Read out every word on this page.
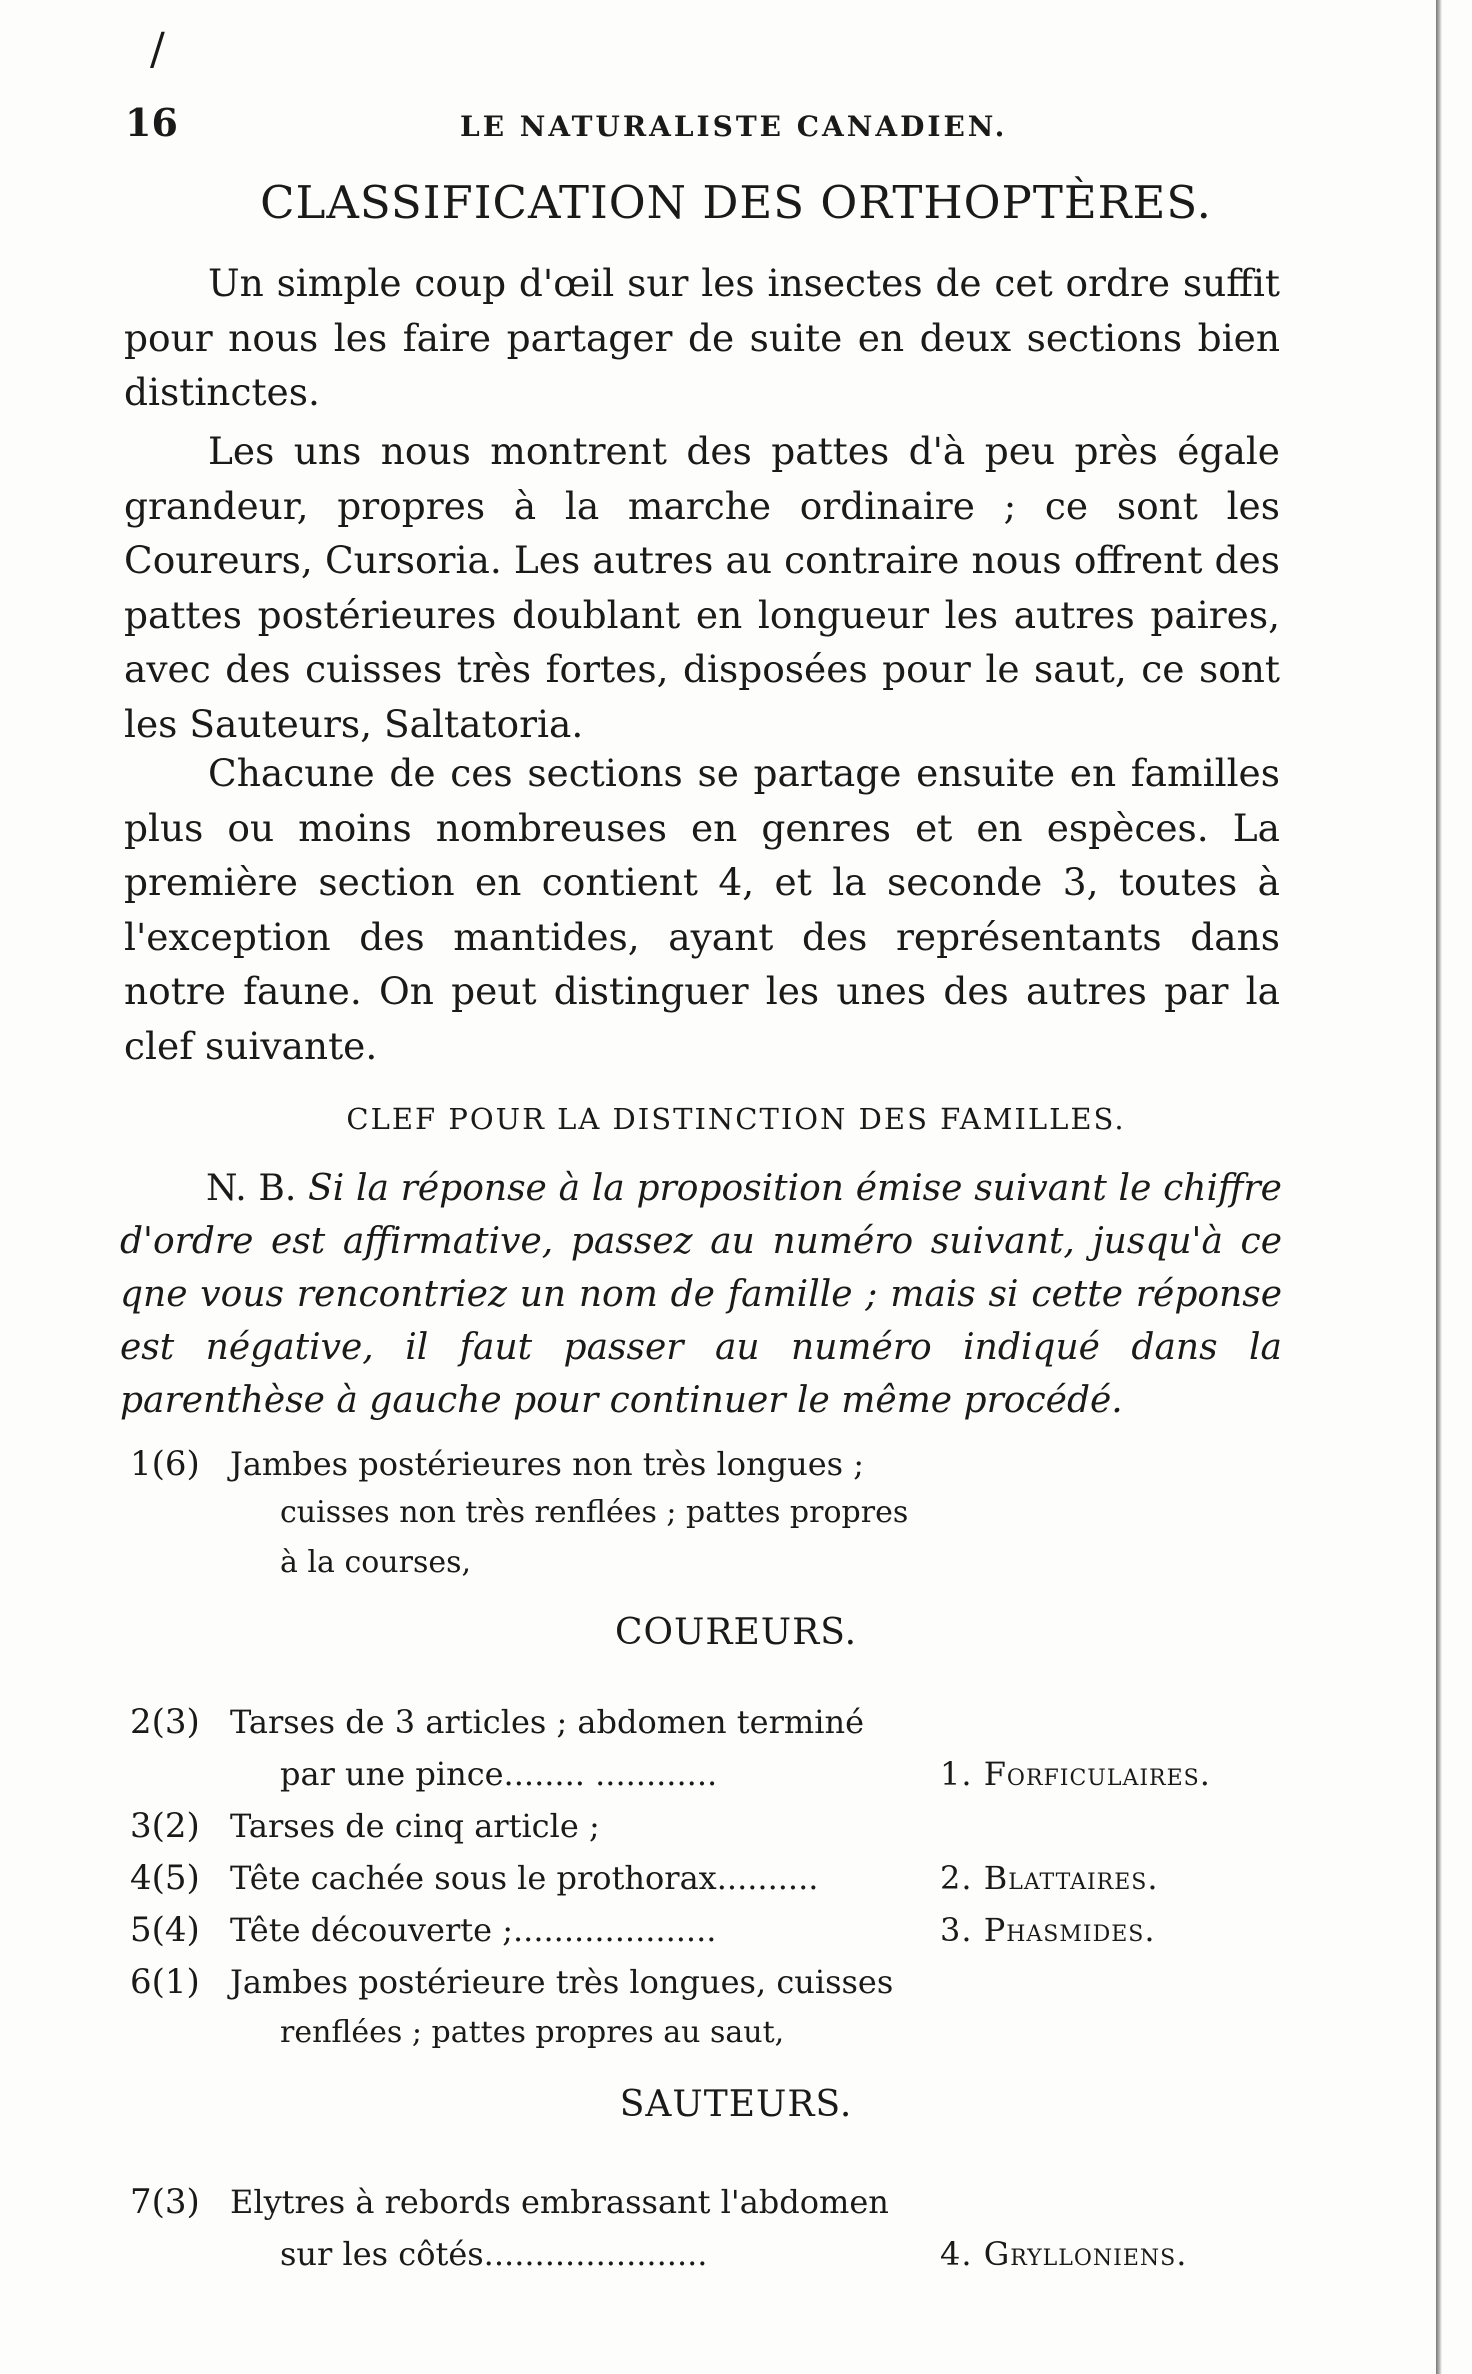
/
16	LE NATURALISTE CANADIEN.
CLASSIFICATION DES ORTHOPTÈRES.
Un simple coup d'œil sur les insectes de cet ordre suffit pour nous les faire partager de suite en deux sections bien distinctes.
Les uns nous montrent des pattes d'à peu près égale grandeur, propres à la marche ordinaire ; ce sont les Coureurs, Cursoria. Les autres au contraire nous offrent des pattes postérieures doublant en longueur les autres paires, avec des cuisses très fortes, disposées pour le saut, ce sont les Sauteurs, Saltatoria.
Chacune de ces sections se partage ensuite en familles plus ou moins nombreuses en genres et en espèces. La première section en contient 4, et la seconde 3, toutes à l'exception des mantides, ayant des représentants dans notre faune. On peut distinguer les unes des autres par la clef suivante.
CLEF POUR LA DISTINCTION DES FAMILLES.
N. B. Si la réponse à la proposition émise suivant le chiffre d'ordre est affirmative, passez au numéro suivant, jusqu'à ce qne vous rencontriez un nom de famille ; mais si cette réponse est négative, il faut passer au numéro indiqué dans la parenthèse à gauche pour continuer le même procédé.
1(6) Jambes postérieures non très longues ;
cuisses non très renflées ; pattes propres
à la courses,
COUREURS.
2(3) Tarses de 3 articles ; abdomen terminé
par une pince........ ............	1. Forficulaires.
3(2) Tarses de cinq article ;
4(5) Tête cachée sous le prothorax..........	2. Blattaires.
5(4) Tête découverte ;....................	3. Phasmides.
6(1) Jambes postérieure très longues, cuisses
renflées ; pattes propres au saut,
SAUTEURS.
7(3) Elytres à rebords embrassant l'abdomen
sur les côtés......................	4. Grylloniens.
